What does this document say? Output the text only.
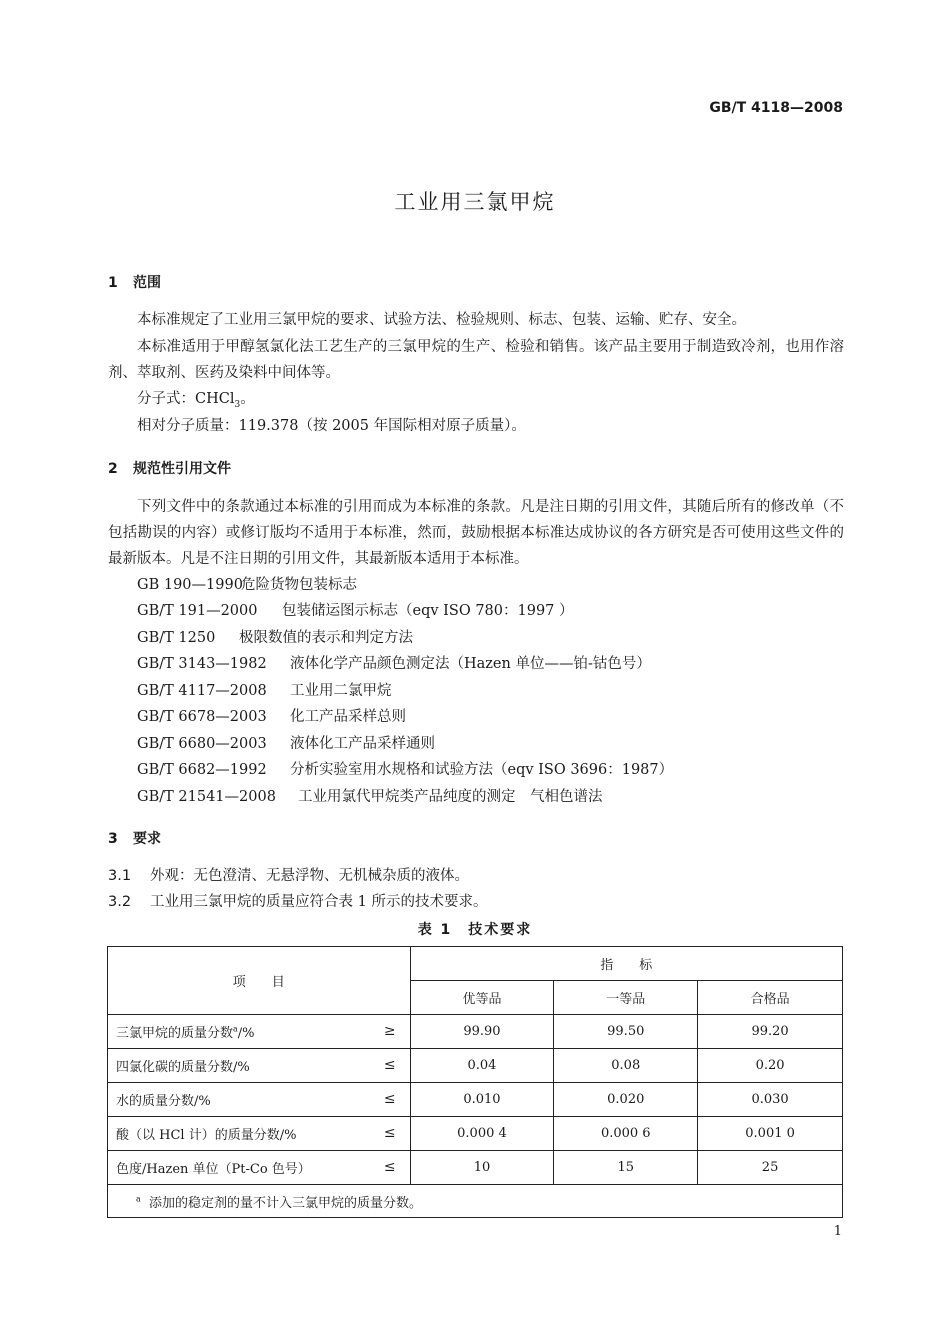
GB/T 4118—2008
工业用三氯甲烷
1 范围
本标准规定了工业用三氯甲烷的要求、试验方法、检验规则、标志、包装、运输、贮存、安全。
本标准适用于甲醇氢氯化法工艺生产的三氯甲烷的生产、检验和销售。该产品主要用于制造致冷剂，也用作溶剂、萃取剂、医药及染料中间体等。
分子式：CHCl$_3$。
相对分子质量：119.378（按 2005 年国际相对原子质量）。
2 规范性引用文件
下列文件中的条款通过本标准的引用而成为本标准的条款。凡是注日期的引用文件，其随后所有的修改单（不包括勘误的内容）或修订版均不适用于本标准，然而，鼓励根据本标准达成协议的各方研究是否可使用这些文件的最新版本。凡是不注日期的引用文件，其最新版本适用于本标准。
GB 190—1990危险货物包装标志
GB/T 191—2000 包装储运图示标志（eqv ISO 780：1997 ）
GB/T 1250 极限数值的表示和判定方法
GB/T 3143—1982 液体化学产品颜色测定法（Hazen 单位——铂-钴色号）
GB/T 4117—2008 工业用二氯甲烷
GB/T 6678—2003 化工产品采样总则
GB/T 6680—2003 液体化工产品采样通则
GB/T 6682—1992 分析实验室用水规格和试验方法（eqv ISO 3696：1987）
GB/T 21541—2008 工业用氯代甲烷类产品纯度的测定　气相色谱法
3 要求
3.1 外观：无色澄清、无悬浮物、无机械杂质的液体。
3.2 工业用三氯甲烷的质量应符合表 1 所示的技术要求。
表 1　技术要求
项　　目	指　　标		
	优等品	一等品	合格品
三氯甲烷的质量分数$^a$/% ≥	99.90	99.50	99.20
四氯化碳的质量分数/% ≤	0.04	0.08	0.20
水的质量分数/% ≤	0.010	0.020	0.030
酸（以 HCl 计）的质量分数/% ≤	0.000 4	0.000 6	0.001 0
色度/Hazen 单位（Pt-Co 色号） ≤	10	15	25
$^a$ 添加的稳定剂的量不计入三氯甲烷的质量分数。			
1
